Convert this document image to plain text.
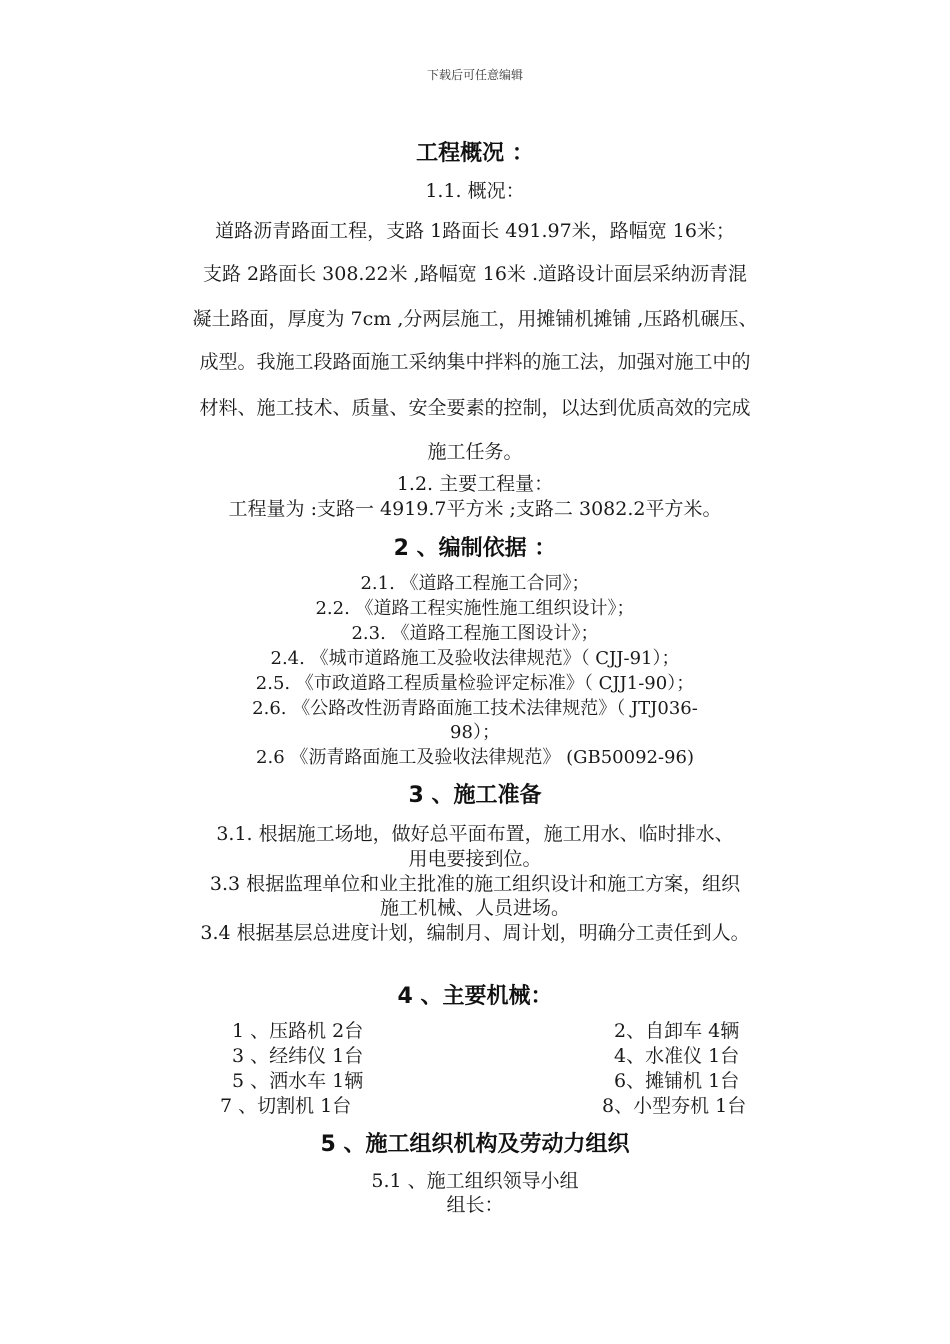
下载后可任意编辑
工程概况 ：
1.1. 概况：
道路沥青路面工程，支路 1路面长 491.97米，路幅宽 16米；
支路 2路面长 308.22米 ,路幅宽 16米 .道路设计面层采纳沥青混
凝土路面，厚度为 7cm ,分两层施工，用摊铺机摊铺 ,压路机碾压、
成型。我施工段路面施工采纳集中拌料的施工法，加强对施工中的
材料、施工技术、质量、安全要素的控制，以达到优质高效的完成
施工任务。
1.2. 主要工程量：
工程量为 :支路一 4919.7平方米 ;支路二 3082.2平方米。
2 、编制依据 ：
2.1. 《道路工程施工合同》；
2.2. 《道路工程实施性施工组织设计》；
2.3. 《道路工程施工图设计》；
2.4. 《城市道路施工及验收法律规范》（ CJJ-91）；
2.5. 《市政道路工程质量检验评定标准》（ CJJ1-90）；
2.6. 《公路改性沥青路面施工技术法律规范》（ JTJ036-
98）；
2.6 《沥青路面施工及验收法律规范》 (GB50092-96)
3 、施工准备
3.1. 根据施工场地，做好总平面布置，施工用水、临时排水、
用电要接到位。
3.3 根据监理单位和业主批准的施工组织设计和施工方案，组织
施工机械、人员进场。
3.4 根据基层总进度计划，编制月、周计划，明确分工责任到人。
4 、主要机械：
1 、压路机 2台
3 、经纬仪 1台
5 、洒水车 1辆
7 、切割机 1台
2、自卸车 4辆
4、水准仪 1台
6、摊铺机 1台
8、小型夯机 1台
5 、施工组织机构及劳动力组织
5.1 、施工组织领导小组
组长：
